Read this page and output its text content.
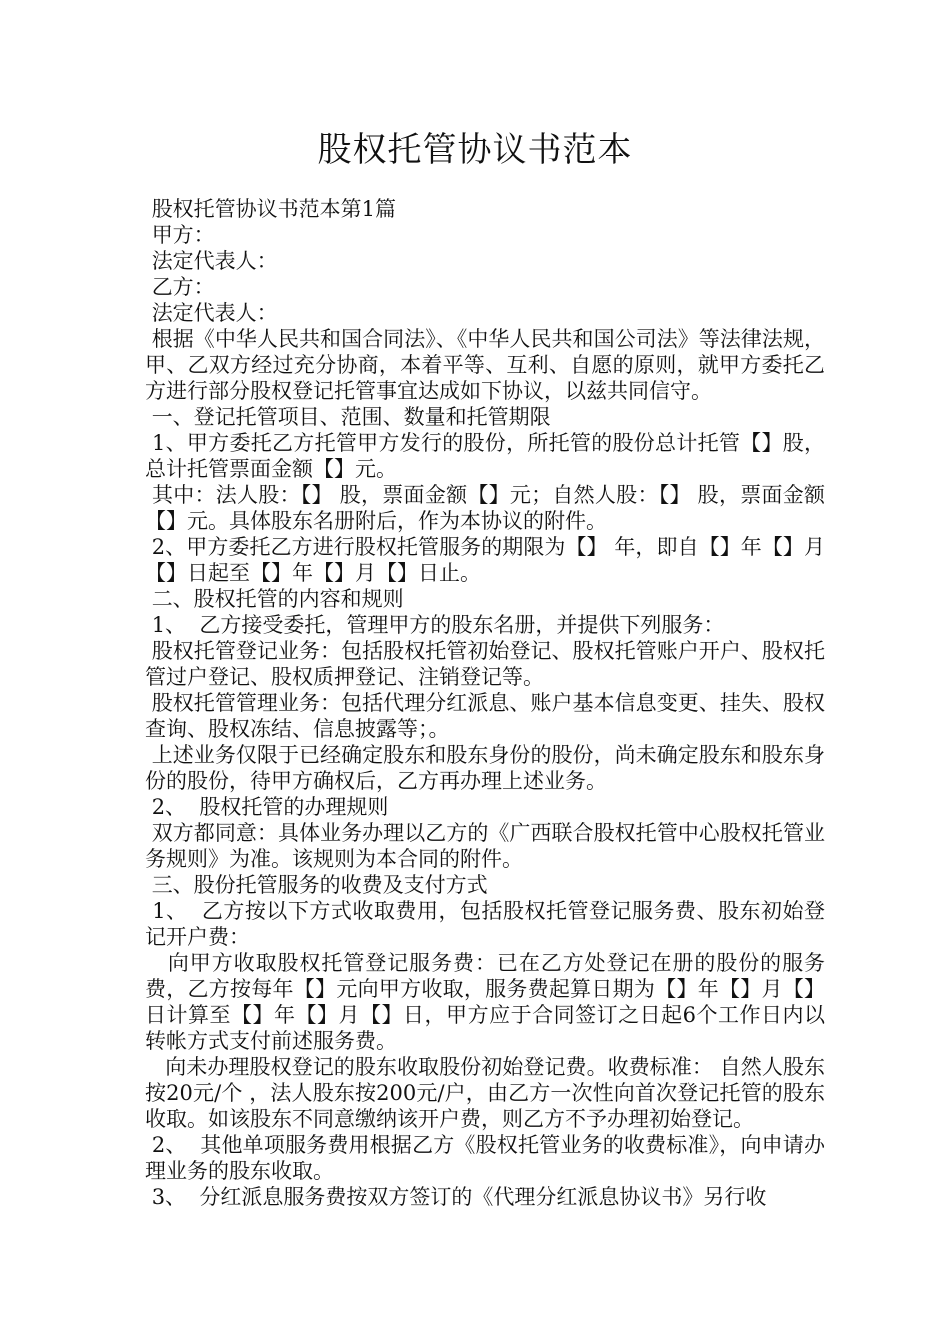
股权托管协议书范本

股权托管协议书范本第1篇

甲方：

法定代表人：

乙方：

法定代表人：

根据《中华人民共和国合同法》、《中华人民共和国公司法》等法律法规，甲、乙双方经过充分协商，本着平等、互利、自愿的原则，就甲方委托乙方进行部分股权登记托管事宜达成如下协议，以兹共同信守。

一、登记托管项目、范围、数量和托管期限

1、甲方委托乙方托管甲方发行的股份，所托管的股份总计托管【】股，总计托管票面金额【】元。

其中：法人股：【】 股，票面金额【】元；自然人股：【】 股，票面金额【】元。具体股东名册附后，作为本协议的附件。

2、甲方委托乙方进行股权托管服务的期限为【】 年，即自【】年【】月【】日起至【】年【】月【】日止。

二、股权托管的内容和规则

1、  乙方接受委托，管理甲方的股东名册，并提供下列服务：

股权托管登记业务：包括股权托管初始登记、股权托管账户开户、股权托管过户登记、股权质押登记、注销登记等。

股权托管管理业务：包括代理分红派息、账户基本信息变更、挂失、股权查询、股权冻结、信息披露等；。

上述业务仅限于已经确定股东和股东身份的股份，尚未确定股东和股东身份的股份，待甲方确权后，乙方再办理上述业务。

2、  股权托管的办理规则

双方都同意：具体业务办理以乙方的《广西联合股权托管中心股权托管业务规则》为准。该规则为本合同的附件。

三、股份托管服务的收费及支付方式

1、  乙方按以下方式收取费用，包括股权托管登记服务费、股东初始登记开户费：

向甲方收取股权托管登记服务费：已在乙方处登记在册的股份的服务费，乙方按每年【】元向甲方收取，服务费起算日期为【】年【】月【】日计算至【】年【】月【】日，甲方应于合同签订之日起6个工作日内以转帐方式支付前述服务费。

向未办理股权登记的股东收取股份初始登记费。收费标准： 自然人股东按20元/个 ，法人股东按200元/户，由乙方一次性向首次登记托管的股东收取。如该股东不同意缴纳该开户费，则乙方不予办理初始登记。

2、  其他单项服务费用根据乙方《股权托管业务的收费标准》，向申请办理业务的股东收取。

3、  分红派息服务费按双方签订的《代理分红派息协议书》另行收
